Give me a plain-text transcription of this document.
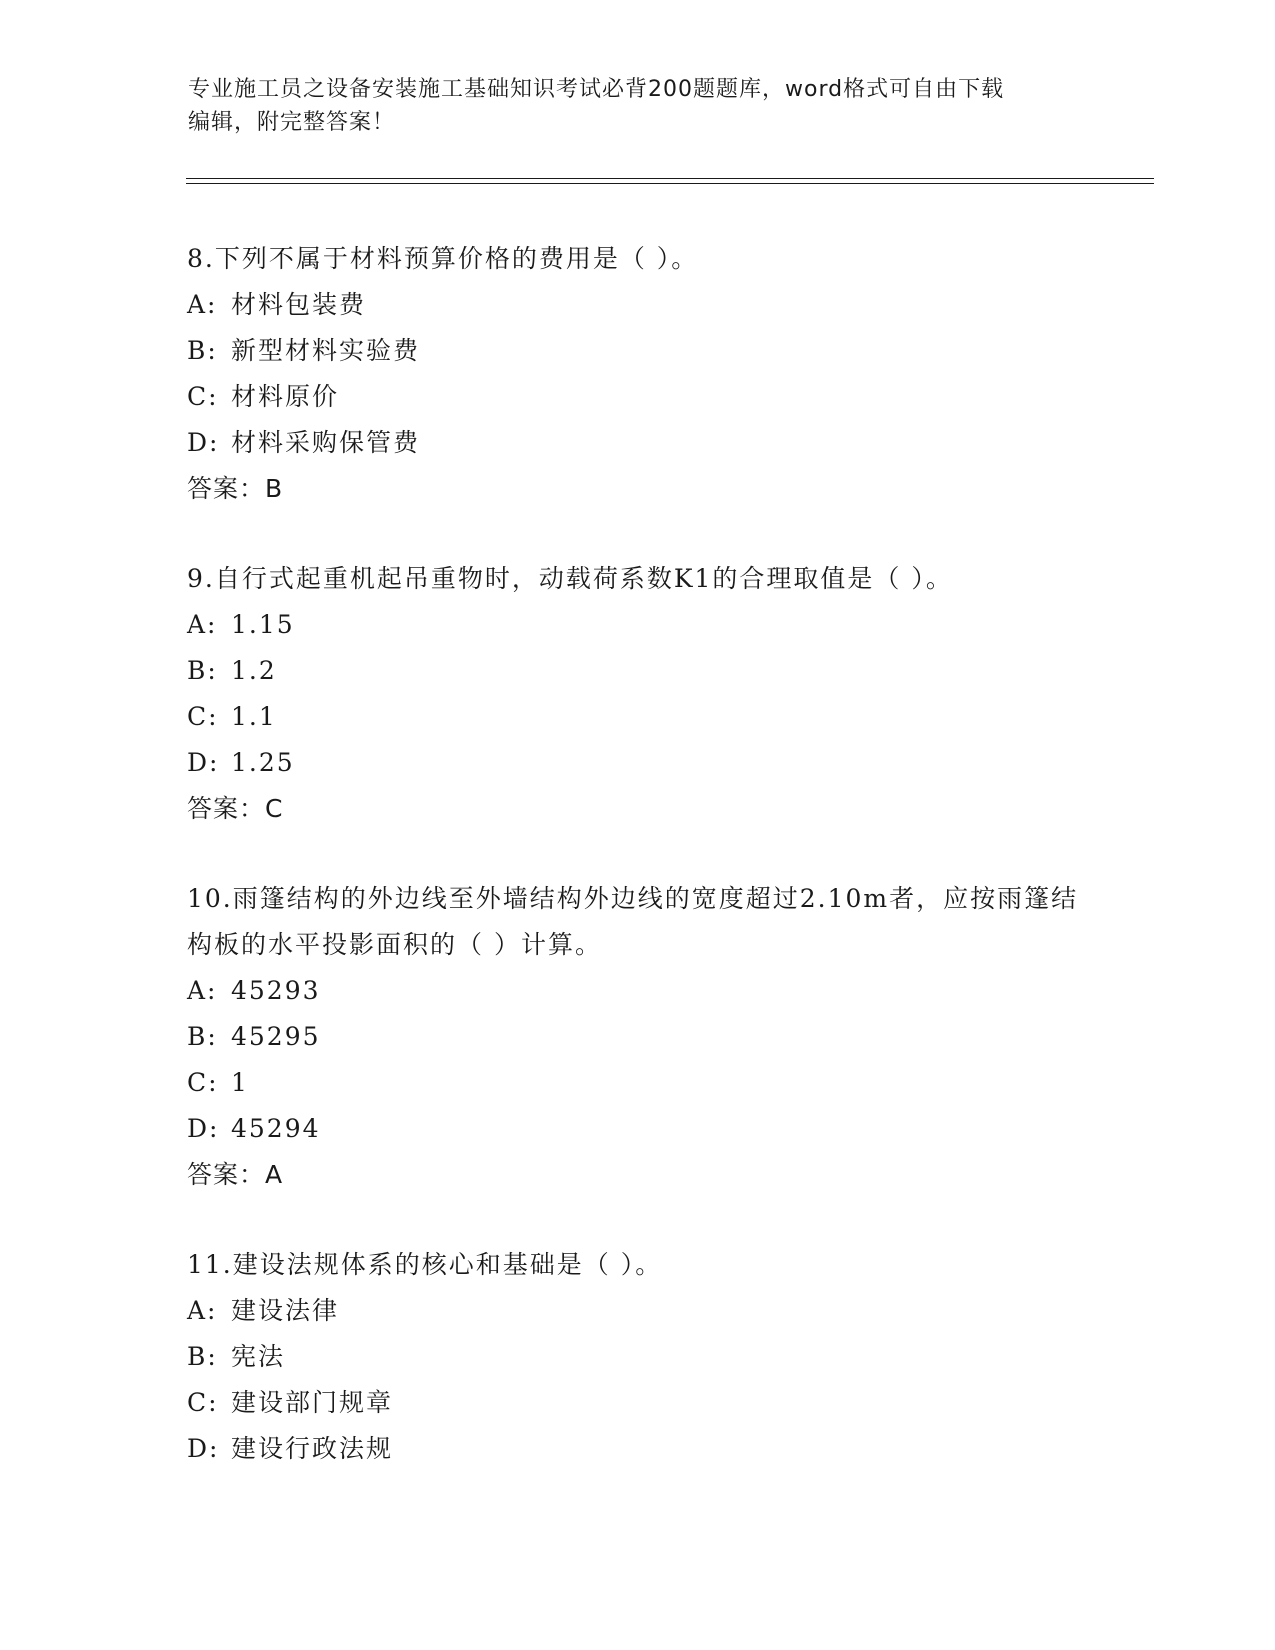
专业施工员之设备安装施工基础知识考试必背200题题库，word格式可自由下载
编辑，附完整答案！

8.下列不属于材料预算价格的费用是（ ）。

A: 材料包装费
B: 新型材料实验费
C: 材料原价
D: 材料采购保管费
答案：B

9.自行式起重机起吊重物时，动载荷系数K1的合理取值是（ ）。

A: 1.15
B: 1.2
C: 1.1
D: 1.25
答案：C

10.雨篷结构的外边线至外墙结构外边线的宽度超过2.10m者，应按雨篷结构板的水平投影面积的（ ）计算。

A: 45293
B: 45295
C: 1
D: 45294
答案：A

11.建设法规体系的核心和基础是（ ）。

A: 建设法律
B: 宪法
C: 建设部门规章
D: 建设行政法规
